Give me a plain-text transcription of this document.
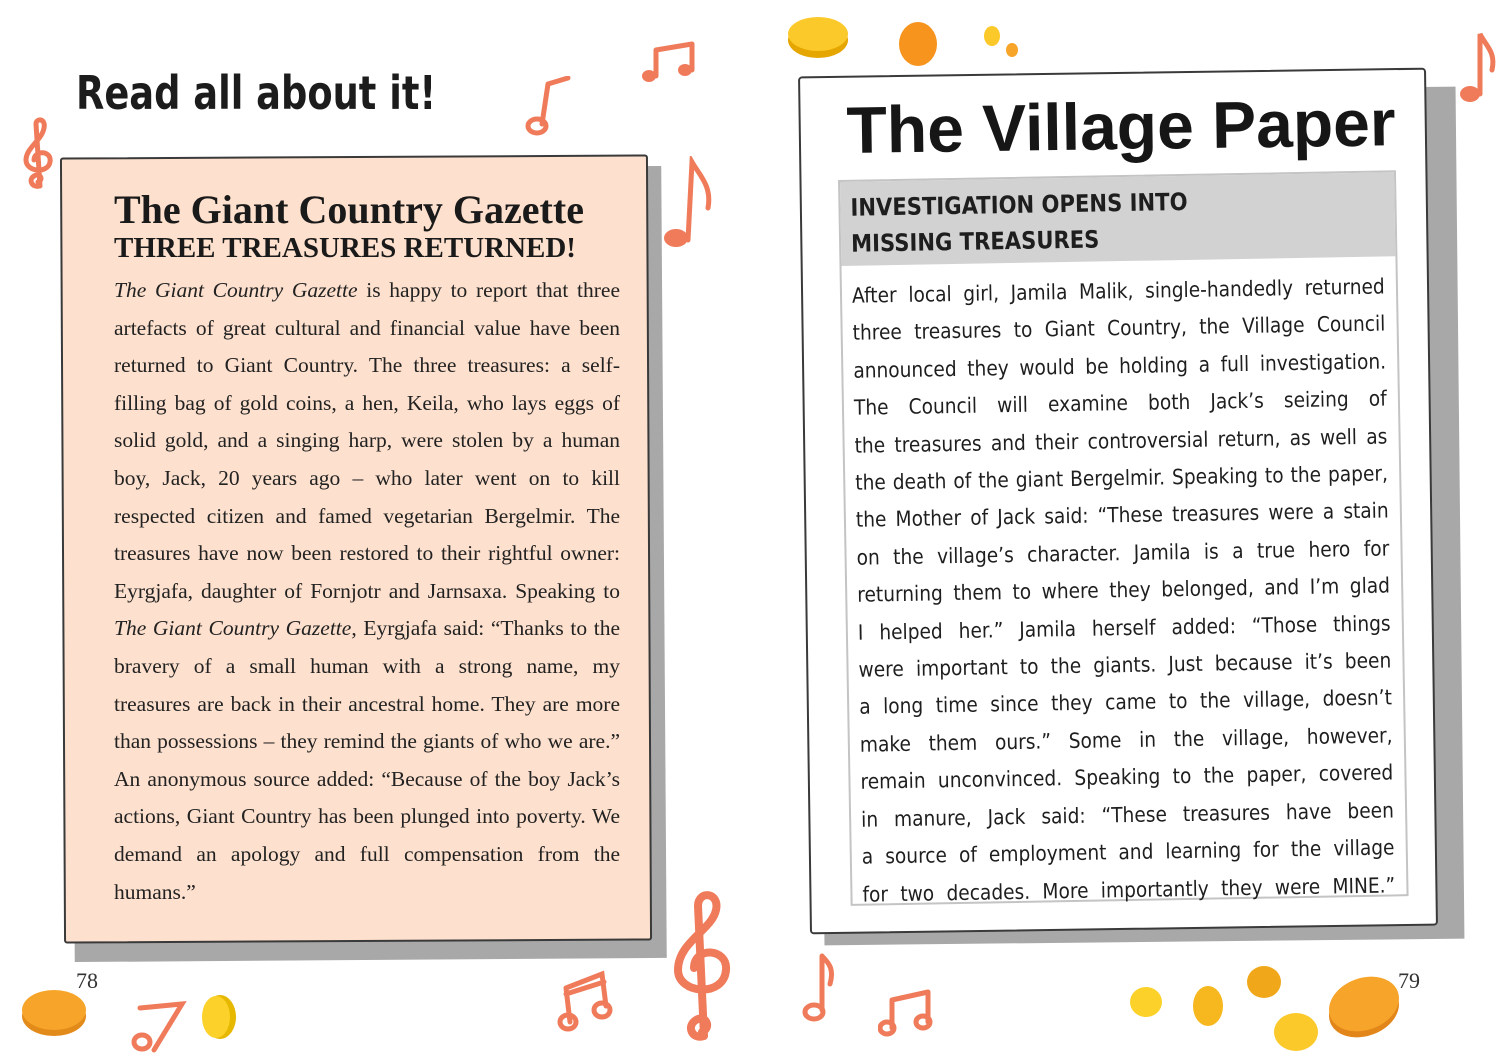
Read all about it!
The Giant Country Gazette
THREE TREASURES RETURNED!

The Giant Country Gazette is happy to report that three artefacts of great cultural and financial value have been returned to Giant Country. The three treasures: a self-filling bag of gold coins, a hen, Keila, who lays eggs of solid gold, and a singing harp, were stolen by a human boy, Jack, 20 years ago – who later went on to kill respected citizen and famed vegetarian Bergelmir. The treasures have now been restored to their rightful owner: Eyrgjafa, daughter of Fornjotr and Jarnsaxa. Speaking to The Giant Country Gazette, Eyrgjafa said: “Thanks to the bravery of a small human with a strong name, my treasures are back in their ancestral home. They are more than possessions – they remind the giants of who we are.” An anonymous source added: “Because of the boy Jack’s actions, Giant Country has been plunged into poverty. We demand an apology and full compensation from the humans.”

78
The Village Paper
INVESTIGATION OPENS INTO
MISSING TREASURES
After local girl, Jamila Malik, single-handedly returned
three treasures to Giant Country, the Village Council
announced they would be holding a full investigation.
The Council will examine both Jack’s seizing of
the treasures and their controversial return, as well as
the death of the giant Bergelmir. Speaking to the paper,
the Mother of Jack said: “These treasures were a stain
on the village’s character. Jamila is a true hero for
returning them to where they belonged, and I’m glad
I helped her.” Jamila herself added: “Those things
were important to the giants. Just because it’s been
a long time since they came to the village, doesn’t
make them ours.” Some in the village, however,
remain unconvinced. Speaking to the paper, covered
in manure, Jack said: “These treasures have been
a source of employment and learning for the village
for two decades. More importantly they were MINE.”
79
